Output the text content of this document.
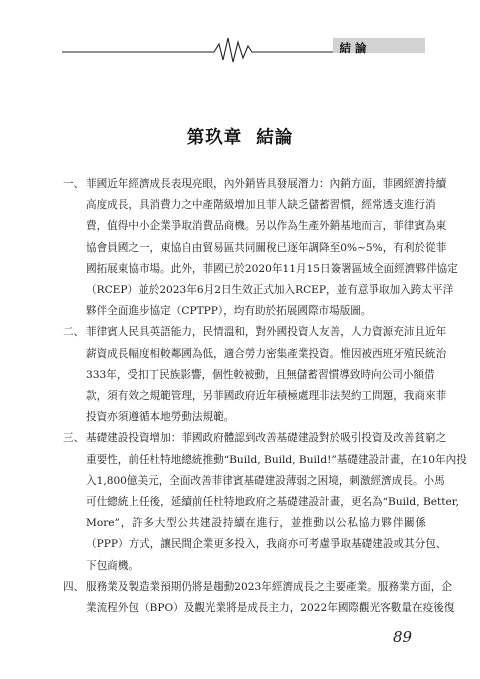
結論
第玖章 結論
一、 菲國近年經濟成長表現亮眼，內外銷皆具發展潛力：內銷方面，菲國經濟持續
高度成長，具消費力之中產階級增加且菲人缺乏儲蓄習慣，經常透支進行消
費，值得中小企業爭取消費品商機。另以作為生產外銷基地而言，菲律賓為東
協會員國之一，東協自由貿易區共同關稅已逐年調降至0%~5%，有利於從菲
國拓展東協市場。此外，菲國已於2020年11月15日簽署區域全面經濟夥伴協定
（RCEP）並於2023年6月2日生效正式加入RCEP，並有意爭取加入跨太平洋
夥伴全面進步協定（CPTPP），均有助於拓展國際市場版圖。
二、 菲律賓人民具英語能力，民情溫和，對外國投資人友善，人力資源充沛且近年
薪資成長幅度相較鄰國為低，適合勞力密集產業投資。惟因被西班牙殖民統治
333年，受扣丁民族影響，個性較被動，且無儲蓄習慣導致時向公司小額借
款，須有效之規範管理，另菲國政府近年積極處理非法契約工問題，我商來菲
投資亦須遵循本地勞動法規範。
三、 基礎建設投資增加：菲國政府體認到改善基礎建設對於吸引投資及改善貧窮之
重要性，前任杜特地總統推動“Build, Build, Build!”基礎建設計畫，在10年內投
入1,800億美元，全面改善菲律賓基礎建設薄弱之困境，刺激經濟成長。小馬
可仕總統上任後，延續前任杜特地政府之基礎建設計畫，更名為“Build, Better,
More”，許多大型公共建設持續在進行，並推動以公私協力夥伴關係
（PPP）方式，讓民間企業更多投入，我商亦可考慮爭取基礎建設或其分包、
下包商機。
四、 服務業及製造業預期仍將是趨動2023年經濟成長之主要產業。服務業方面，企
業流程外包（BPO）及觀光業將是成長主力，2022年國際觀光客數量在疫後復
89
